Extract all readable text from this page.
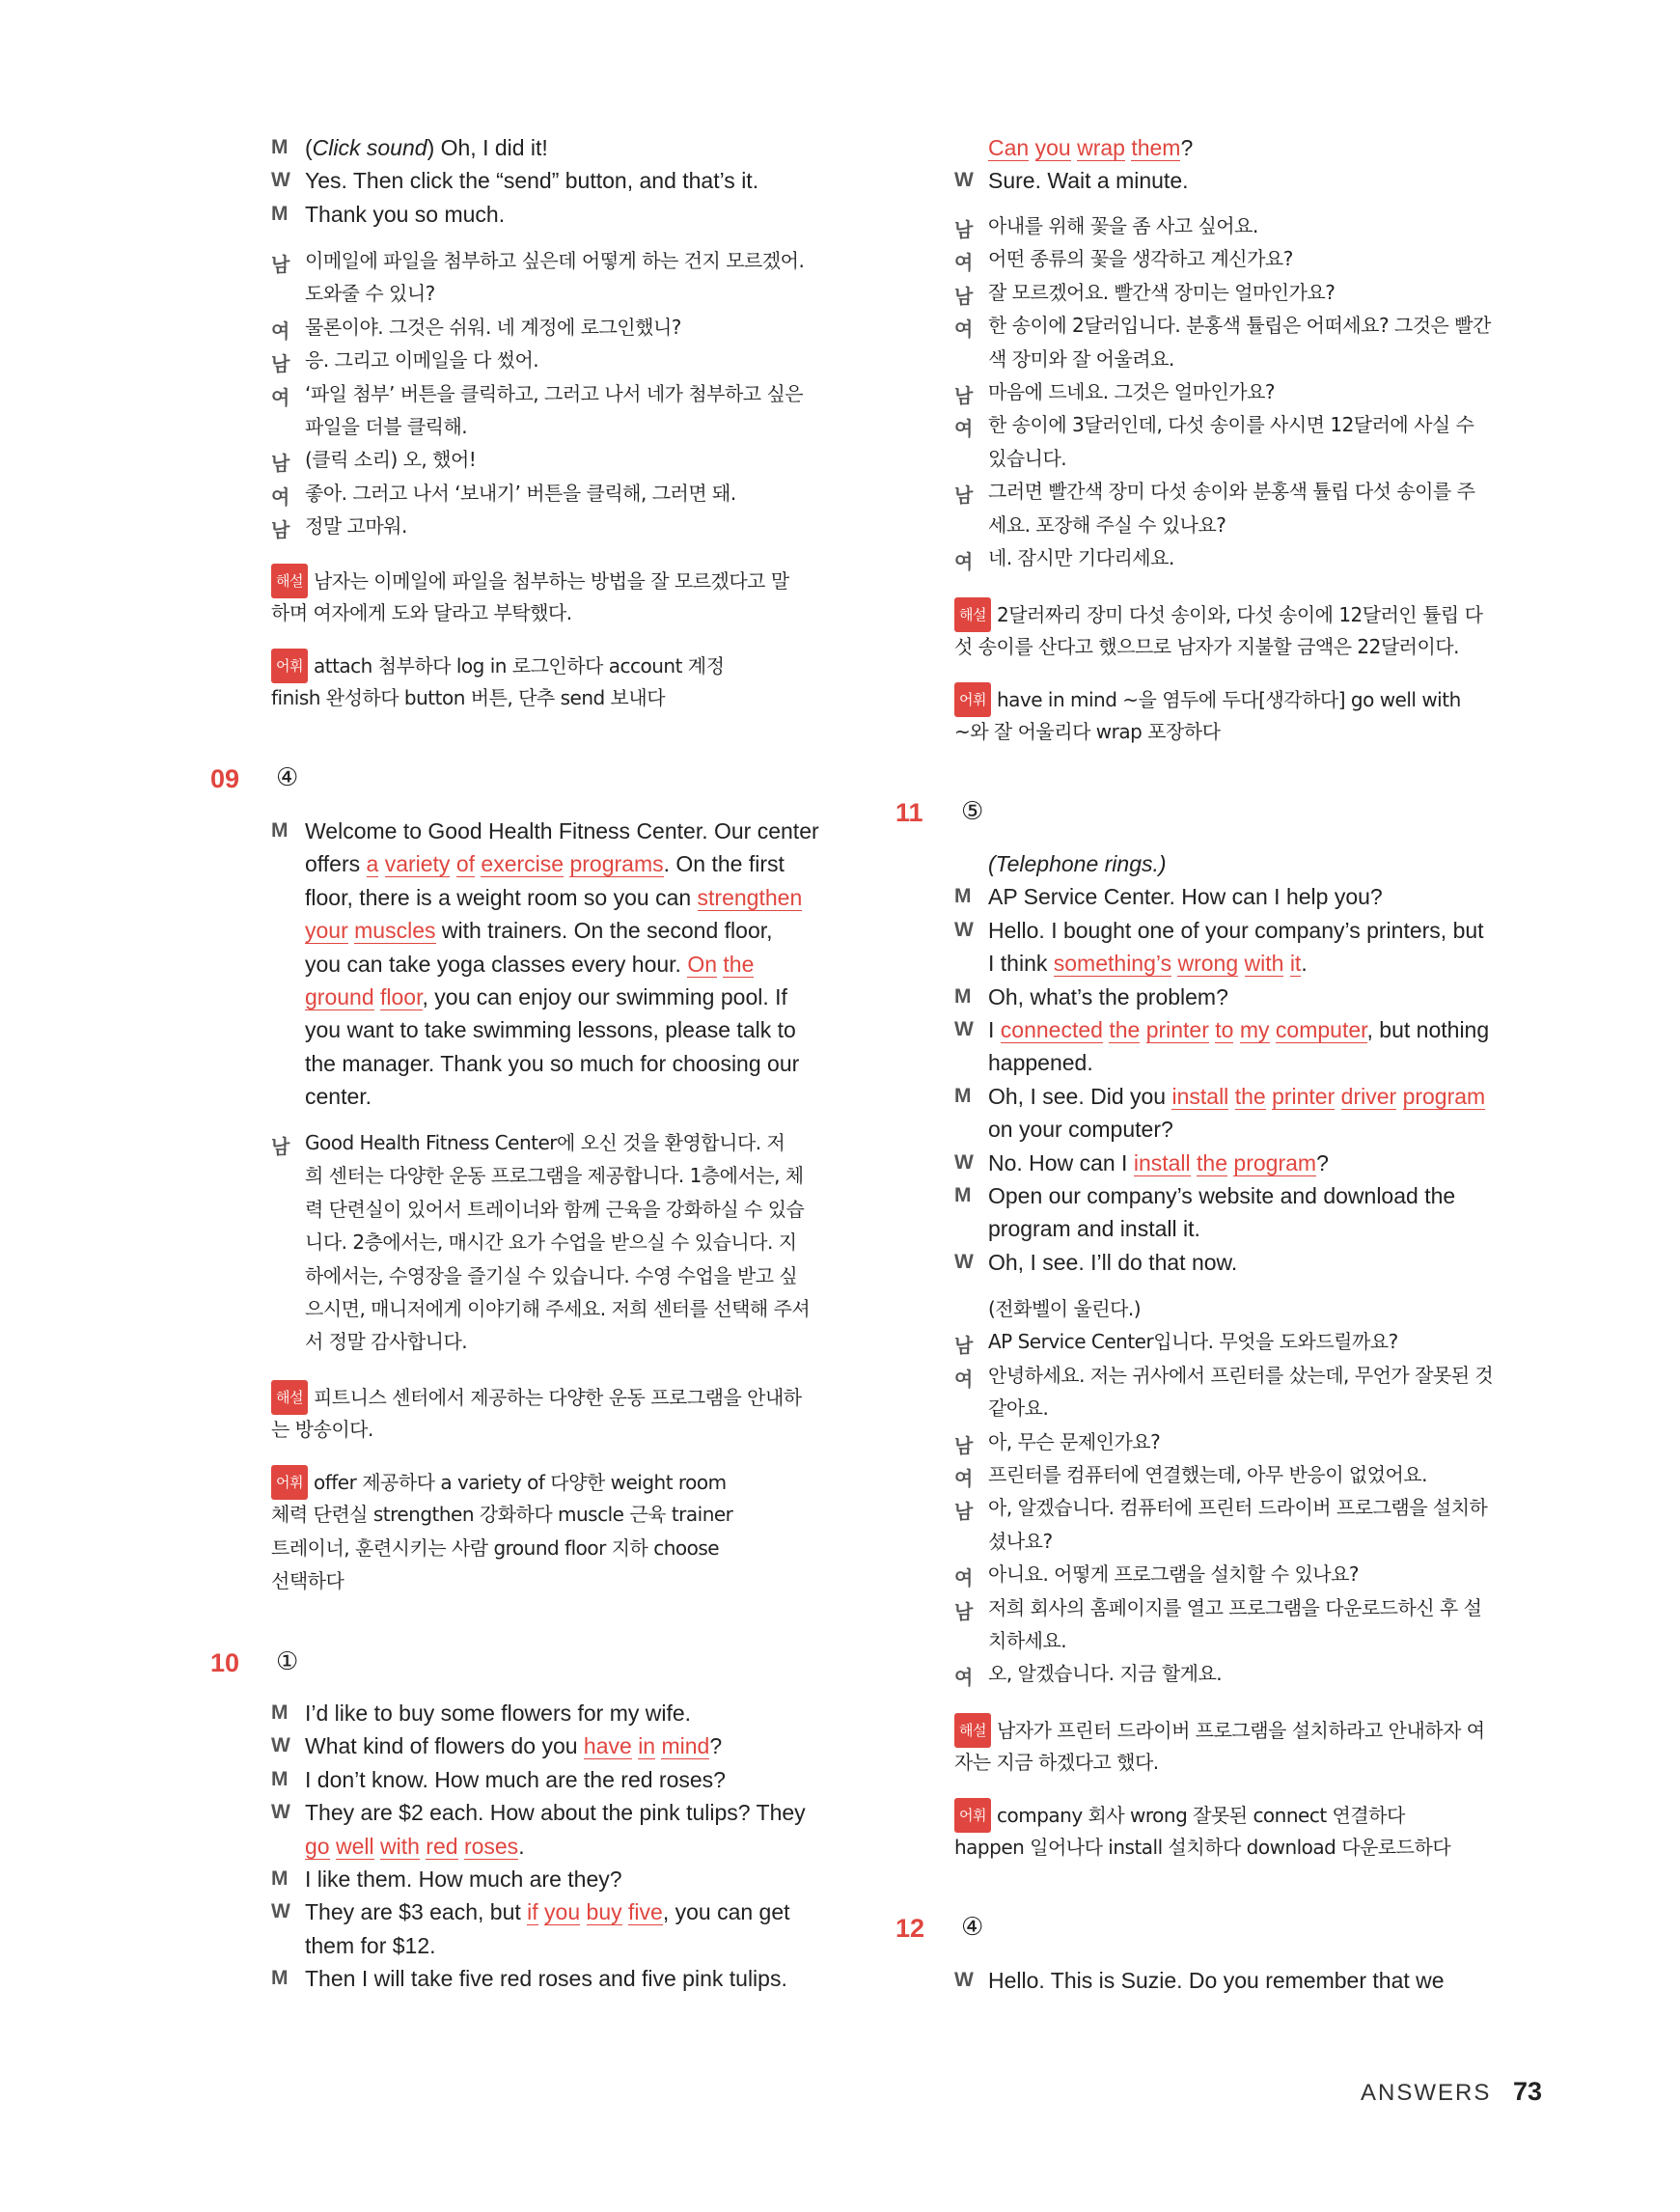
M (Click sound) Oh, I did it!
W Yes. Then click the “send” button, and that’s it.
M Thank you so much.
남 이메일에 파일을 첨부하고 싶은데 어떻게 하는 건지 모르겠어.
도와줄 수 있니?
여 물론이야. 그것은 쉬워. 네 계정에 로그인했니?
남 응. 그리고 이메일을 다 썼어.
여 ‘파일 첨부’ 버튼을 클릭하고, 그러고 나서 네가 첨부하고 싶은
파일을 더블 클릭해.
남 (클릭 소리) 오, 했어!
여 좋아. 그러고 나서 ‘보내기’ 버튼을 클릭해, 그러면 돼.
남 정말 고마워.
해설 남자는 이메일에 파일을 첨부하는 방법을 잘 모르겠다고 말
하며 여자에게 도와 달라고 부탁했다.
어휘 attach 첨부하다 log in 로그인하다 account 계정
finish 완성하다 button 버튼, 단추 send 보내다
09 ④
M Welcome to Good Health Fitness Center. Our center
offers a variety of exercise programs. On the first
floor, there is a weight room so you can strengthen
your muscles with trainers. On the second floor,
you can take yoga classes every hour. On the
ground floor, you can enjoy our swimming pool. If
you want to take swimming lessons, please talk to
the manager. Thank you so much for choosing our
center.
남 Good Health Fitness Center에 오신 것을 환영합니다. 저
희 센터는 다양한 운동 프로그램을 제공합니다. 1층에서는, 체
력 단련실이 있어서 트레이너와 함께 근육을 강화하실 수 있습
니다. 2층에서는, 매시간 요가 수업을 받으실 수 있습니다. 지
하에서는, 수영장을 즐기실 수 있습니다. 수영 수업을 받고 싶
으시면, 매니저에게 이야기해 주세요. 저희 센터를 선택해 주셔
서 정말 감사합니다.
해설 피트니스 센터에서 제공하는 다양한 운동 프로그램을 안내하
는 방송이다.
어휘 offer 제공하다 a variety of 다양한 weight room
체력 단련실 strengthen 강화하다 muscle 근육 trainer
트레이너, 훈련시키는 사람 ground floor 지하 choose
선택하다
10 ①
M I’d like to buy some flowers for my wife.
W What kind of flowers do you have in mind?
M I don’t know. How much are the red roses?
W They are $2 each. How about the pink tulips? They
go well with red roses.
M I like them. How much are they?
W They are $3 each, but if you buy five, you can get
them for $12.
M Then I will take five red roses and five pink tulips.
Can you wrap them?
W Sure. Wait a minute.
남 아내를 위해 꽃을 좀 사고 싶어요.
여 어떤 종류의 꽃을 생각하고 계신가요?
남 잘 모르겠어요. 빨간색 장미는 얼마인가요?
여 한 송이에 2달러입니다. 분홍색 튤립은 어떠세요? 그것은 빨간
색 장미와 잘 어울려요.
남 마음에 드네요. 그것은 얼마인가요?
여 한 송이에 3달러인데, 다섯 송이를 사시면 12달러에 사실 수
있습니다.
남 그러면 빨간색 장미 다섯 송이와 분홍색 튤립 다섯 송이를 주
세요. 포장해 주실 수 있나요?
여 네. 잠시만 기다리세요.
해설 2달러짜리 장미 다섯 송이와, 다섯 송이에 12달러인 튤립 다
섯 송이를 산다고 했으므로 남자가 지불할 금액은 22달러이다.
어휘 have in mind ~을 염두에 두다[생각하다] go well with
~와 잘 어울리다 wrap 포장하다
11 ⑤
(Telephone rings.)
M AP Service Center. How can I help you?
W Hello. I bought one of your company’s printers, but
I think something’s wrong with it.
M Oh, what’s the problem?
W I connected the printer to my computer, but nothing
happened.
M Oh, I see. Did you install the printer driver program
on your computer?
W No. How can I install the program?
M Open our company’s website and download the
program and install it.
W Oh, I see. I’ll do that now.
(전화벨이 울린다.)
남 AP Service Center입니다. 무엇을 도와드릴까요?
여 안녕하세요. 저는 귀사에서 프린터를 샀는데, 무언가 잘못된 것
같아요.
남 아, 무슨 문제인가요?
여 프린터를 컴퓨터에 연결했는데, 아무 반응이 없었어요.
남 아, 알겠습니다. 컴퓨터에 프린터 드라이버 프로그램을 설치하
셨나요?
여 아니요. 어떻게 프로그램을 설치할 수 있나요?
남 저희 회사의 홈페이지를 열고 프로그램을 다운로드하신 후 설
치하세요.
여 오, 알겠습니다. 지금 할게요.
해설 남자가 프린터 드라이버 프로그램을 설치하라고 안내하자 여
자는 지금 하겠다고 했다.
어휘 company 회사 wrong 잘못된 connect 연결하다
happen 일어나다 install 설치하다 download 다운로드하다
12 ④
W Hello. This is Suzie. Do you remember that we
ANSWERS 73
